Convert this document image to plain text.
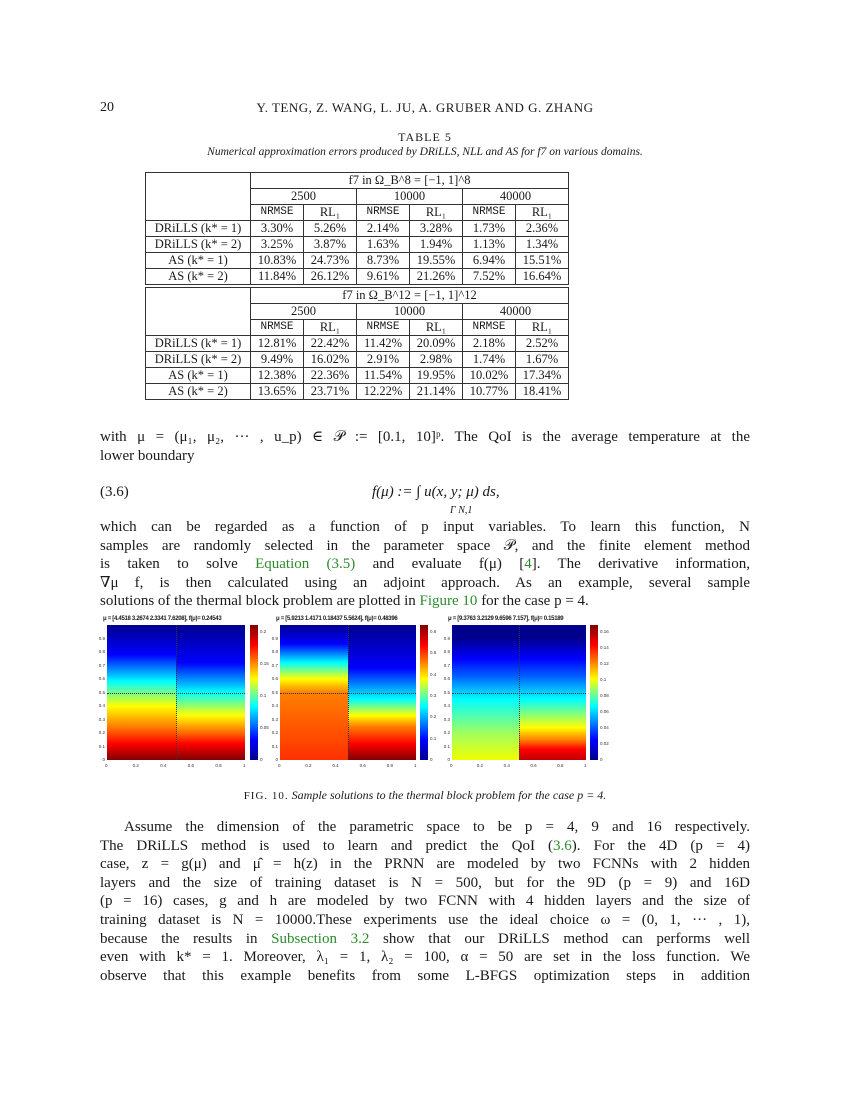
20	Y. TENG, Z. WANG, L. JU, A. GRUBER AND G. ZHANG
TABLE 5
Numerical approximation errors produced by DRiLLS, NLL and AS for f7 on various domains.
	f7 in Ω_B^8 = [−1, 1]^8					
	2500		10000		40000	
	NRMSE	RL₁	NRMSE	RL₁	NRMSE	RL₁
DRiLLS (k* = 1)	3.30%	5.26%	2.14%	3.28%	1.73%	2.36%
DRiLLS (k* = 2)	3.25%	3.87%	1.63%	1.94%	1.13%	1.34%
AS (k* = 1)	10.83%	24.73%	8.73%	19.55%	6.94%	15.51%
AS (k* = 2)	11.84%	26.12%	9.61%	21.26%	7.52%	16.64%
	f7 in Ω_B^12 = [−1, 1]^12					
	2500		10000		40000	
	NRMSE	RL₁	NRMSE	RL₁	NRMSE	RL₁
DRiLLS (k* = 1)	12.81%	22.42%	11.42%	20.09%	2.18%	2.52%
DRiLLS (k* = 2)	9.49%	16.02%	2.91%	2.98%	1.74%	1.67%
AS (k* = 1)	12.38%	22.36%	11.54%	19.95%	10.02%	17.34%
AS (k* = 2)	13.65%	23.71%	12.22%	21.14%	10.77%	18.41%
with μ = (μ₁, μ₂, ··· , u_p) ∈ 𝒫 := [0.1, 10]ᵖ. The QoI is the average temperature at the
lower boundary
(3.6)	f(μ) := ∫ u(x, y; μ) ds,
Γ N,1
which can be regarded as a function of p input variables. To learn this function, N
samples are randomly selected in the parameter space 𝒫, and the finite element method
is taken to solve Equation (3.5) and evaluate f(μ) [4]. The derivative information,
∇μ f, is then calculated using an adjoint approach. As an example, several sample
solutions of the thermal block problem are plotted in Figure 10 for the case p = 4.
μ = [4.4518 3.2674 2.3341 7.6208], f(μ)= 0.24543
0
0.05
0.1
0.15
0.2
0
0.1
0.2
0.3
0.4
0.5
0.6
0.7
0.8
0.9
0	0.2	0.4	0.6	0.8	1
μ = [5.9213 1.4171 0.18437 5.5624], f(μ)= 0.48396
0
0.1
0.2
0.3
0.4
0.5
0.6
0
0.1
0.2
0.3
0.4
0.5
0.6
0.7
0.8
0.9
0	0.2	0.4	0.6	0.8	1
μ = [9.3763 3.2129 9.6596 7.157], f(μ)= 0.15189
0
0.02
0.04
0.06
0.08
0.1
0.12
0.14
0.16
0
0.1
0.2
0.3
0.4
0.5
0.6
0.7
0.8
0.9
0	0.2	0.4	0.6	0.8	1
FIG. 10. Sample solutions to the thermal block problem for the case p = 4.
Assume the dimension of the parametric space to be p = 4, 9 and 16 respectively.
The DRiLLS method is used to learn and predict the QoI (3.6). For the 4D (p = 4)
case, z = g(μ) and μ̂ = h(z) in the PRNN are modeled by two FCNNs with 2 hidden
layers and the size of training dataset is N = 500, but for the 9D (p = 9) and 16D
(p = 16) cases, g and h are modeled by two FCNN with 4 hidden layers and the size of
training dataset is N = 10000.These experiments use the ideal choice ω = (0, 1, ··· , 1),
because the results in Subsection 3.2 show that our DRiLLS method can performs well
even with k* = 1. Moreover, λ₁ = 1, λ₂ = 100, α = 50 are set in the loss function. We
observe that this example benefits from some L-BFGS optimization steps in addition
